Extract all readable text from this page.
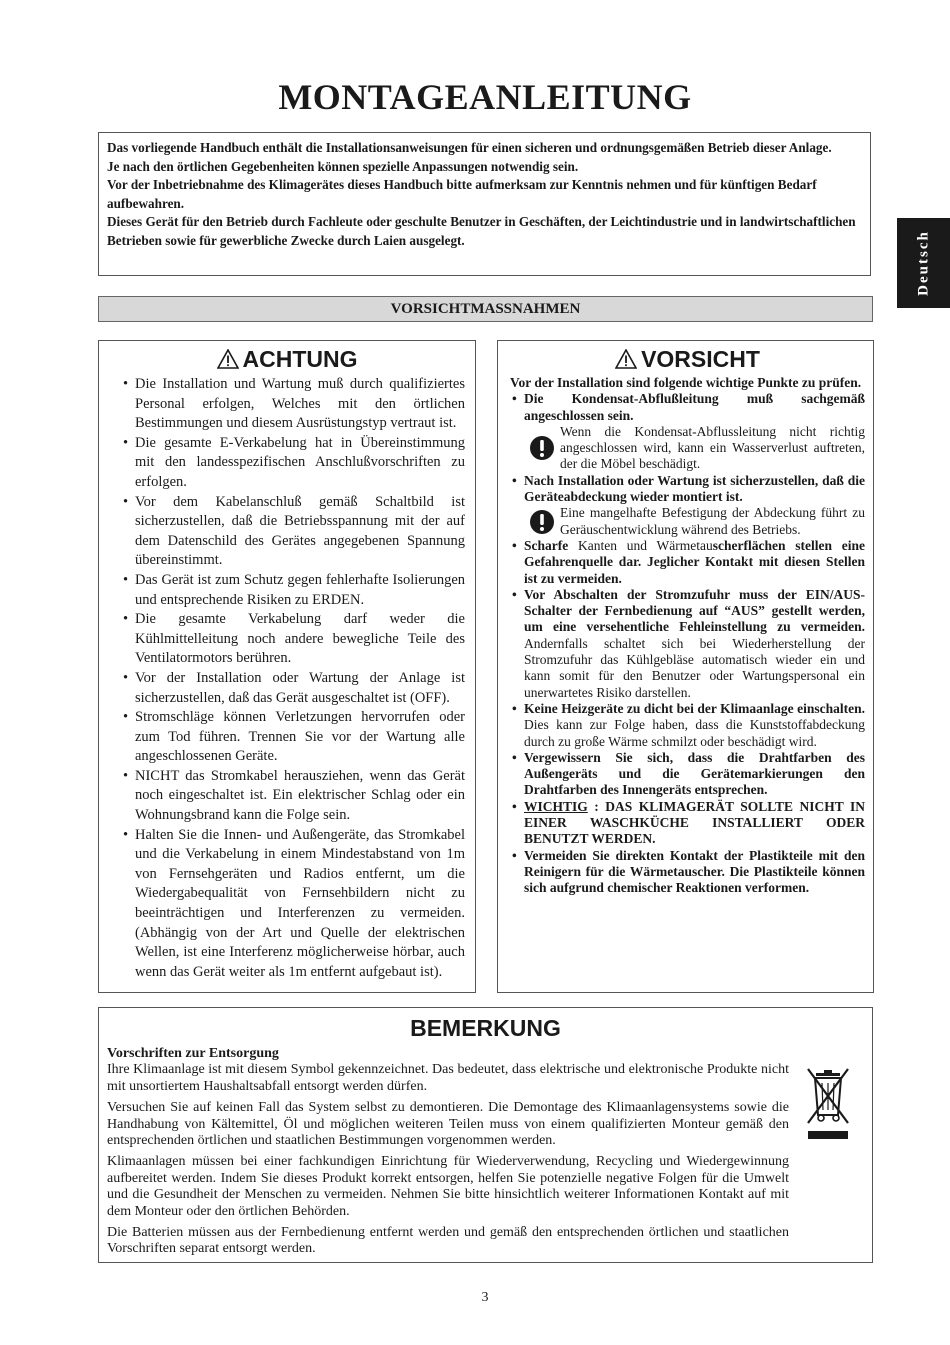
MONTAGEANLEITUNG
Deutsch

Das vorliegende Handbuch enthält die Installationsanweisungen für einen sicheren und ordnungsgemäßen Betrieb dieser Anlage.

Je nach den örtlichen Gegebenheiten können spezielle Anpassungen notwendig sein.

Vor der Inbetriebnahme des Klimagerätes dieses Handbuch bitte aufmerksam zur Kenntnis nehmen und für künftigen Bedarf aufbewahren.

Dieses Gerät für den Betrieb durch Fachleute oder geschulte Benutzer in Geschäften, der Leichtindustrie und in landwirtschaftlichen Betrieben sowie für gewerbliche Zwecke durch Laien ausgelegt.

VORSICHTMASSNAHMEN
ACHTUNG
• Die Installation und Wartung muß durch qualifiziertes Personal erfolgen, Welches mit den örtlichen Bestimmungen und diesem Ausrüstungstyp vertraut ist.
• Die gesamte E-Verkabelung hat in Übereinstimmung mit den landesspezifischen Anschlußvorschriften zu erfolgen.
• Vor dem Kabelanschluß gemäß Schaltbild ist sicherzustellen, daß die Betriebsspannung mit der auf dem Datenschild des Gerätes angegebenen Spannung übereinstimmt.
• Das Gerät ist zum Schutz gegen fehlerhafte Isolierungen und entsprechende Risiken zu ERDEN.
• Die gesamte Verkabelung darf weder die Kühlmittelleitung noch andere bewegliche Teile des Ventilatormotors berühren.
• Vor der Installation oder Wartung der Anlage ist sicherzustellen, daß das Gerät ausgeschaltet ist (OFF).
• Stromschläge können Verletzungen hervorrufen oder zum Tod führen. Trennen Sie vor der Wartung alle angeschlossenen Geräte.
• NICHT das Stromkabel herausziehen, wenn das Gerät noch eingeschaltet ist. Ein elektrischer Schlag oder ein Wohnungsbrand kann die Folge sein.
• Halten Sie die Innen- und Außengeräte, das Stromkabel und die Verkabelung in einem Mindestabstand von 1m von Fernsehgeräten und Radios entfernt, um die Wiedergabequalität von Fernsehbildern nicht zu beeinträchtigen und Interferenzen zu vermeiden. (Abhängig von der Art und Quelle der elektrischen Wellen, ist eine Interferenz möglicherweise hörbar, auch wenn das Gerät weiter als 1m entfernt aufgebaut ist).
VORSICHT

Vor der Installation sind folgende wichtige Punkte zu prüfen.

• Die Kondensat-Abflußleitung muß sachgemäß angeschlossen sein.
Wenn die Kondensat-Abflussleitung nicht richtig angeschlossen wird, kann ein Wasserverlust auftreten, der die Möbel beschädigt.
• Nach Installation oder Wartung ist sicherzustellen, daß die Geräteabdeckung wieder montiert ist.
Eine mangelhafte Befestigung der Abdeckung führt zu Geräuschentwicklung während des Betriebs.
• Scharfe Kanten und Wärmetauscherflächen stellen eine Gefahrenquelle dar. Jeglicher Kontakt mit diesen Stellen ist zu vermeiden.
• Vor Abschalten der Stromzufuhr muss der EIN/AUS-Schalter der Fernbedienung auf “AUS” gestellt werden, um eine versehentliche Fehleinstellung zu vermeiden. Andernfalls schaltet sich bei Wiederherstellung der Stromzufuhr das Kühlgebläse automatisch wieder ein und kann somit für den Benutzer oder Wartungspersonal ein unerwartetes Risiko darstellen.
• Keine Heizgeräte zu dicht bei der Klimaanlage einschalten. Dies kann zur Folge haben, dass die Kunststoffabdeckung durch zu große Wärme schmilzt oder beschädigt wird.
• Vergewissern Sie sich, dass die Drahtfarben des Außengeräts und die Gerätemarkierungen den Drahtfarben des Innengeräts entsprechen.
• WICHTIG : DAS KLIMAGERÄT SOLLTE NICHT IN EINER WASCHKÜCHE INSTALLIERT ODER BENUTZT WERDEN.
• Vermeiden Sie direkten Kontakt der Plastikteile mit den Reinigern für die Wärmetauscher. Die Plastikteile können sich aufgrund chemischer Reaktionen verformen.
BEMERKUNG

Vorschriften zur Entsorgung

Ihre Klimaanlage ist mit diesem Symbol gekennzeichnet. Das bedeutet, dass elektrische und elektronische Produkte nicht mit unsortiertem Haushaltsabfall entsorgt werden dürfen.

Versuchen Sie auf keinen Fall das System selbst zu demontieren. Die Demontage des Klimaanlagensystems sowie die Handhabung von Kältemittel, Öl und möglichen weiteren Teilen muss von einem qualifizierten Monteur gemäß den entsprechenden örtlichen und staatlichen Bestimmungen vorgenommen werden.

Klimaanlagen müssen bei einer fachkundigen Einrichtung für Wiederverwendung, Recycling und Wiedergewinnung aufbereitet werden. Indem Sie dieses Produkt korrekt entsorgen, helfen Sie potenzielle negative Folgen für die Umwelt und die Gesundheit der Menschen zu vermeiden. Nehmen Sie bitte hinsichtlich weiterer Informationen Kontakt auf mit dem Monteur oder den örtlichen Behörden.

Die Batterien müssen aus der Fernbedienung entfernt werden und gemäß den entsprechenden örtlichen und staatlichen Vorschriften separat entsorgt werden.

3
